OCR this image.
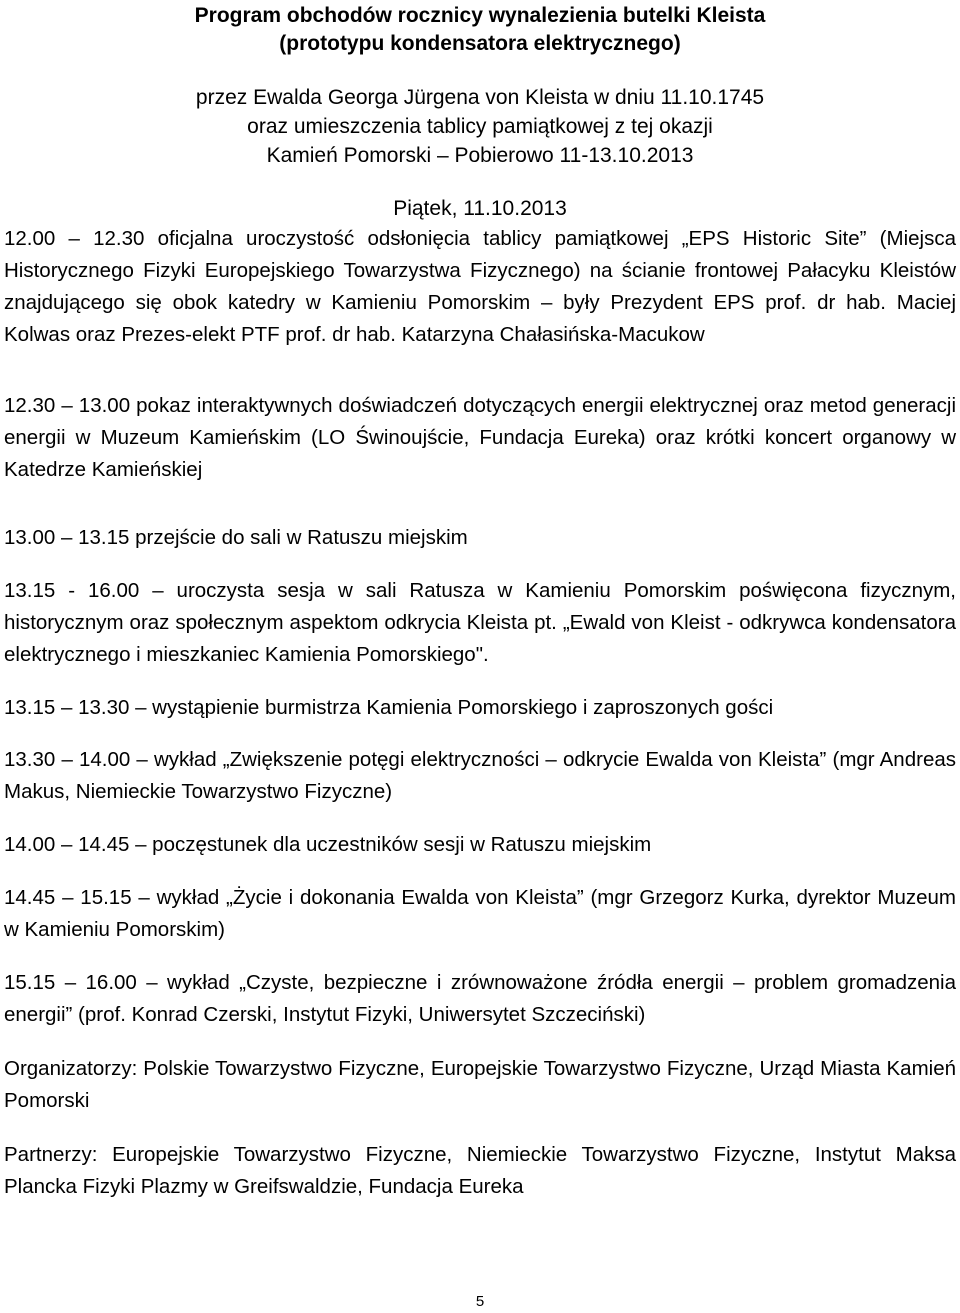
Program obchodów rocznicy wynalezienia butelki Kleista
(prototypu kondensatora elektrycznego)
przez Ewalda Georga Jürgena von Kleista w dniu 11.10.1745
oraz umieszczenia tablicy pamiątkowej z tej okazji
Kamień Pomorski – Pobierowo 11-13.10.2013
Piątek, 11.10.2013
12.00 – 12.30 oficjalna uroczystość odsłonięcia tablicy pamiątkowej „EPS Historic Site” (Miejsca Historycznego Fizyki Europejskiego Towarzystwa Fizycznego) na ścianie frontowej Pałacyku Kleistów znajdującego się obok katedry w Kamieniu Pomorskim – były Prezydent EPS prof. dr hab. Maciej Kolwas oraz Prezes-elekt PTF prof. dr hab. Katarzyna Chałasińska-Macukow
12.30 – 13.00 pokaz interaktywnych doświadczeń dotyczących energii elektrycznej oraz metod generacji energii w Muzeum Kamieńskim (LO Świnoujście, Fundacja Eureka) oraz krótki koncert organowy w Katedrze Kamieńskiej
13.00 – 13.15 przejście do sali w Ratuszu miejskim
13.15 - 16.00 – uroczysta sesja w sali Ratusza w Kamieniu Pomorskim poświęcona fizycznym, historycznym oraz społecznym aspektom odkrycia Kleista pt. „Ewald von Kleist - odkrywca kondensatora elektrycznego i mieszkaniec Kamienia Pomorskiego".
13.15 – 13.30 – wystąpienie burmistrza Kamienia Pomorskiego i zaproszonych gości
13.30 – 14.00 – wykład „Zwiększenie potęgi elektryczności – odkrycie Ewalda von Kleista” (mgr Andreas Makus, Niemieckie Towarzystwo Fizyczne)
14.00 – 14.45 – poczęstunek dla uczestników sesji w Ratuszu miejskim
14.45 – 15.15 – wykład „Życie i dokonania Ewalda von Kleista” (mgr Grzegorz Kurka, dyrektor Muzeum w Kamieniu Pomorskim)
15.15 – 16.00 – wykład „Czyste, bezpieczne i zrównoważone źródła energii – problem gromadzenia energii” (prof. Konrad Czerski, Instytut Fizyki, Uniwersytet Szczeciński)
Organizatorzy: Polskie Towarzystwo Fizyczne, Europejskie Towarzystwo Fizyczne, Urząd Miasta Kamień Pomorski
Partnerzy: Europejskie Towarzystwo Fizyczne, Niemieckie Towarzystwo Fizyczne, Instytut Maksa Plancka Fizyki Plazmy w Greifswaldzie, Fundacja Eureka
5
